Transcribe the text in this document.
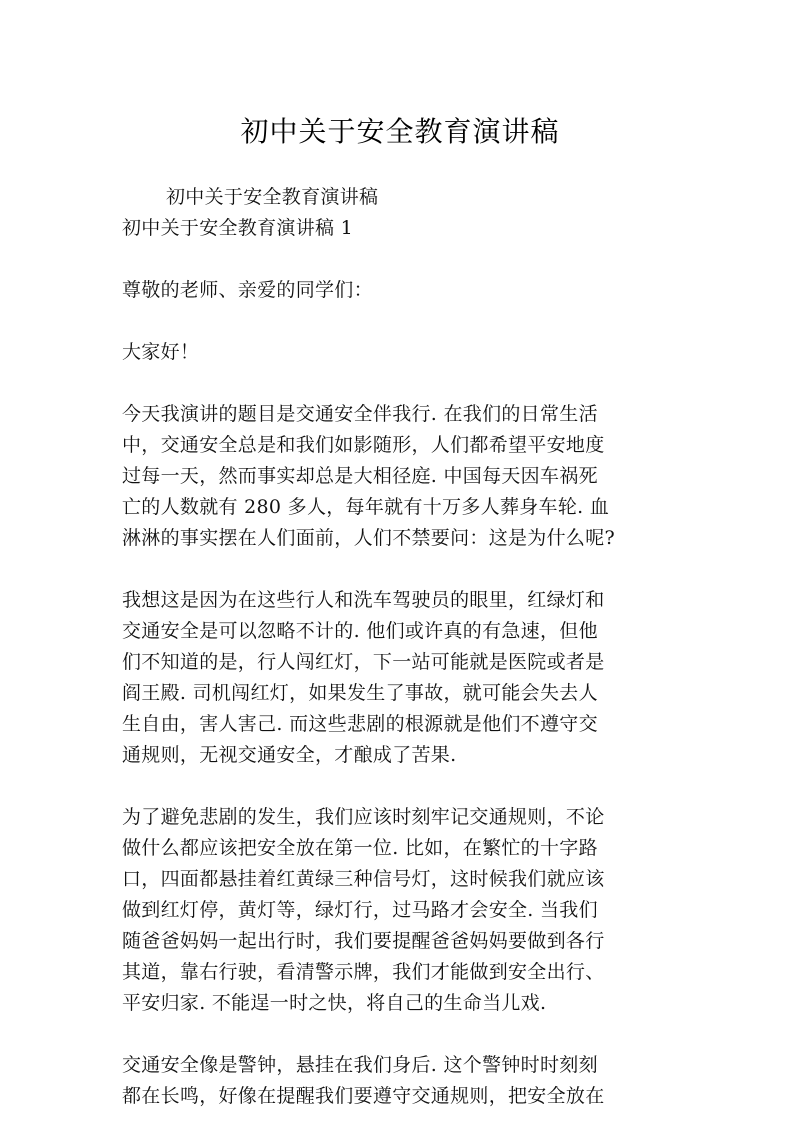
初中关于安全教育演讲稿
初中关于安全教育演讲稿
初中关于安全教育演讲稿 1
尊敬的老师、亲爱的同学们：
大家好！
今天我演讲的题目是交通安全伴我行. 在我们的日常生活
中，交通安全总是和我们如影随形，人们都希望平安地度
过每一天，然而事实却总是大相径庭. 中国每天因车祸死
亡的人数就有 280 多人，每年就有十万多人葬身车轮. 血
淋淋的事实摆在人们面前，人们不禁要问：这是为什么呢?
我想这是因为在这些行人和洗车驾驶员的眼里，红绿灯和
交通安全是可以忽略不计的. 他们或许真的有急速，但他
们不知道的是，行人闯红灯，下一站可能就是医院或者是
阎王殿. 司机闯红灯，如果发生了事故，就可能会失去人
生自由，害人害己. 而这些悲剧的根源就是他们不遵守交
通规则，无视交通安全，才酿成了苦果.
为了避免悲剧的发生，我们应该时刻牢记交通规则，不论
做什么都应该把安全放在第一位. 比如，在繁忙的十字路
口，四面都悬挂着红黄绿三种信号灯，这时候我们就应该
做到红灯停，黄灯等，绿灯行，过马路才会安全. 当我们
随爸爸妈妈一起出行时，我们要提醒爸爸妈妈要做到各行
其道，靠右行驶，看清警示牌，我们才能做到安全出行、
平安归家. 不能逞一时之快，将自己的生命当儿戏.
交通安全像是警钟，悬挂在我们身后. 这个警钟时时刻刻
都在长鸣，好像在提醒我们要遵守交通规则，把安全放在
